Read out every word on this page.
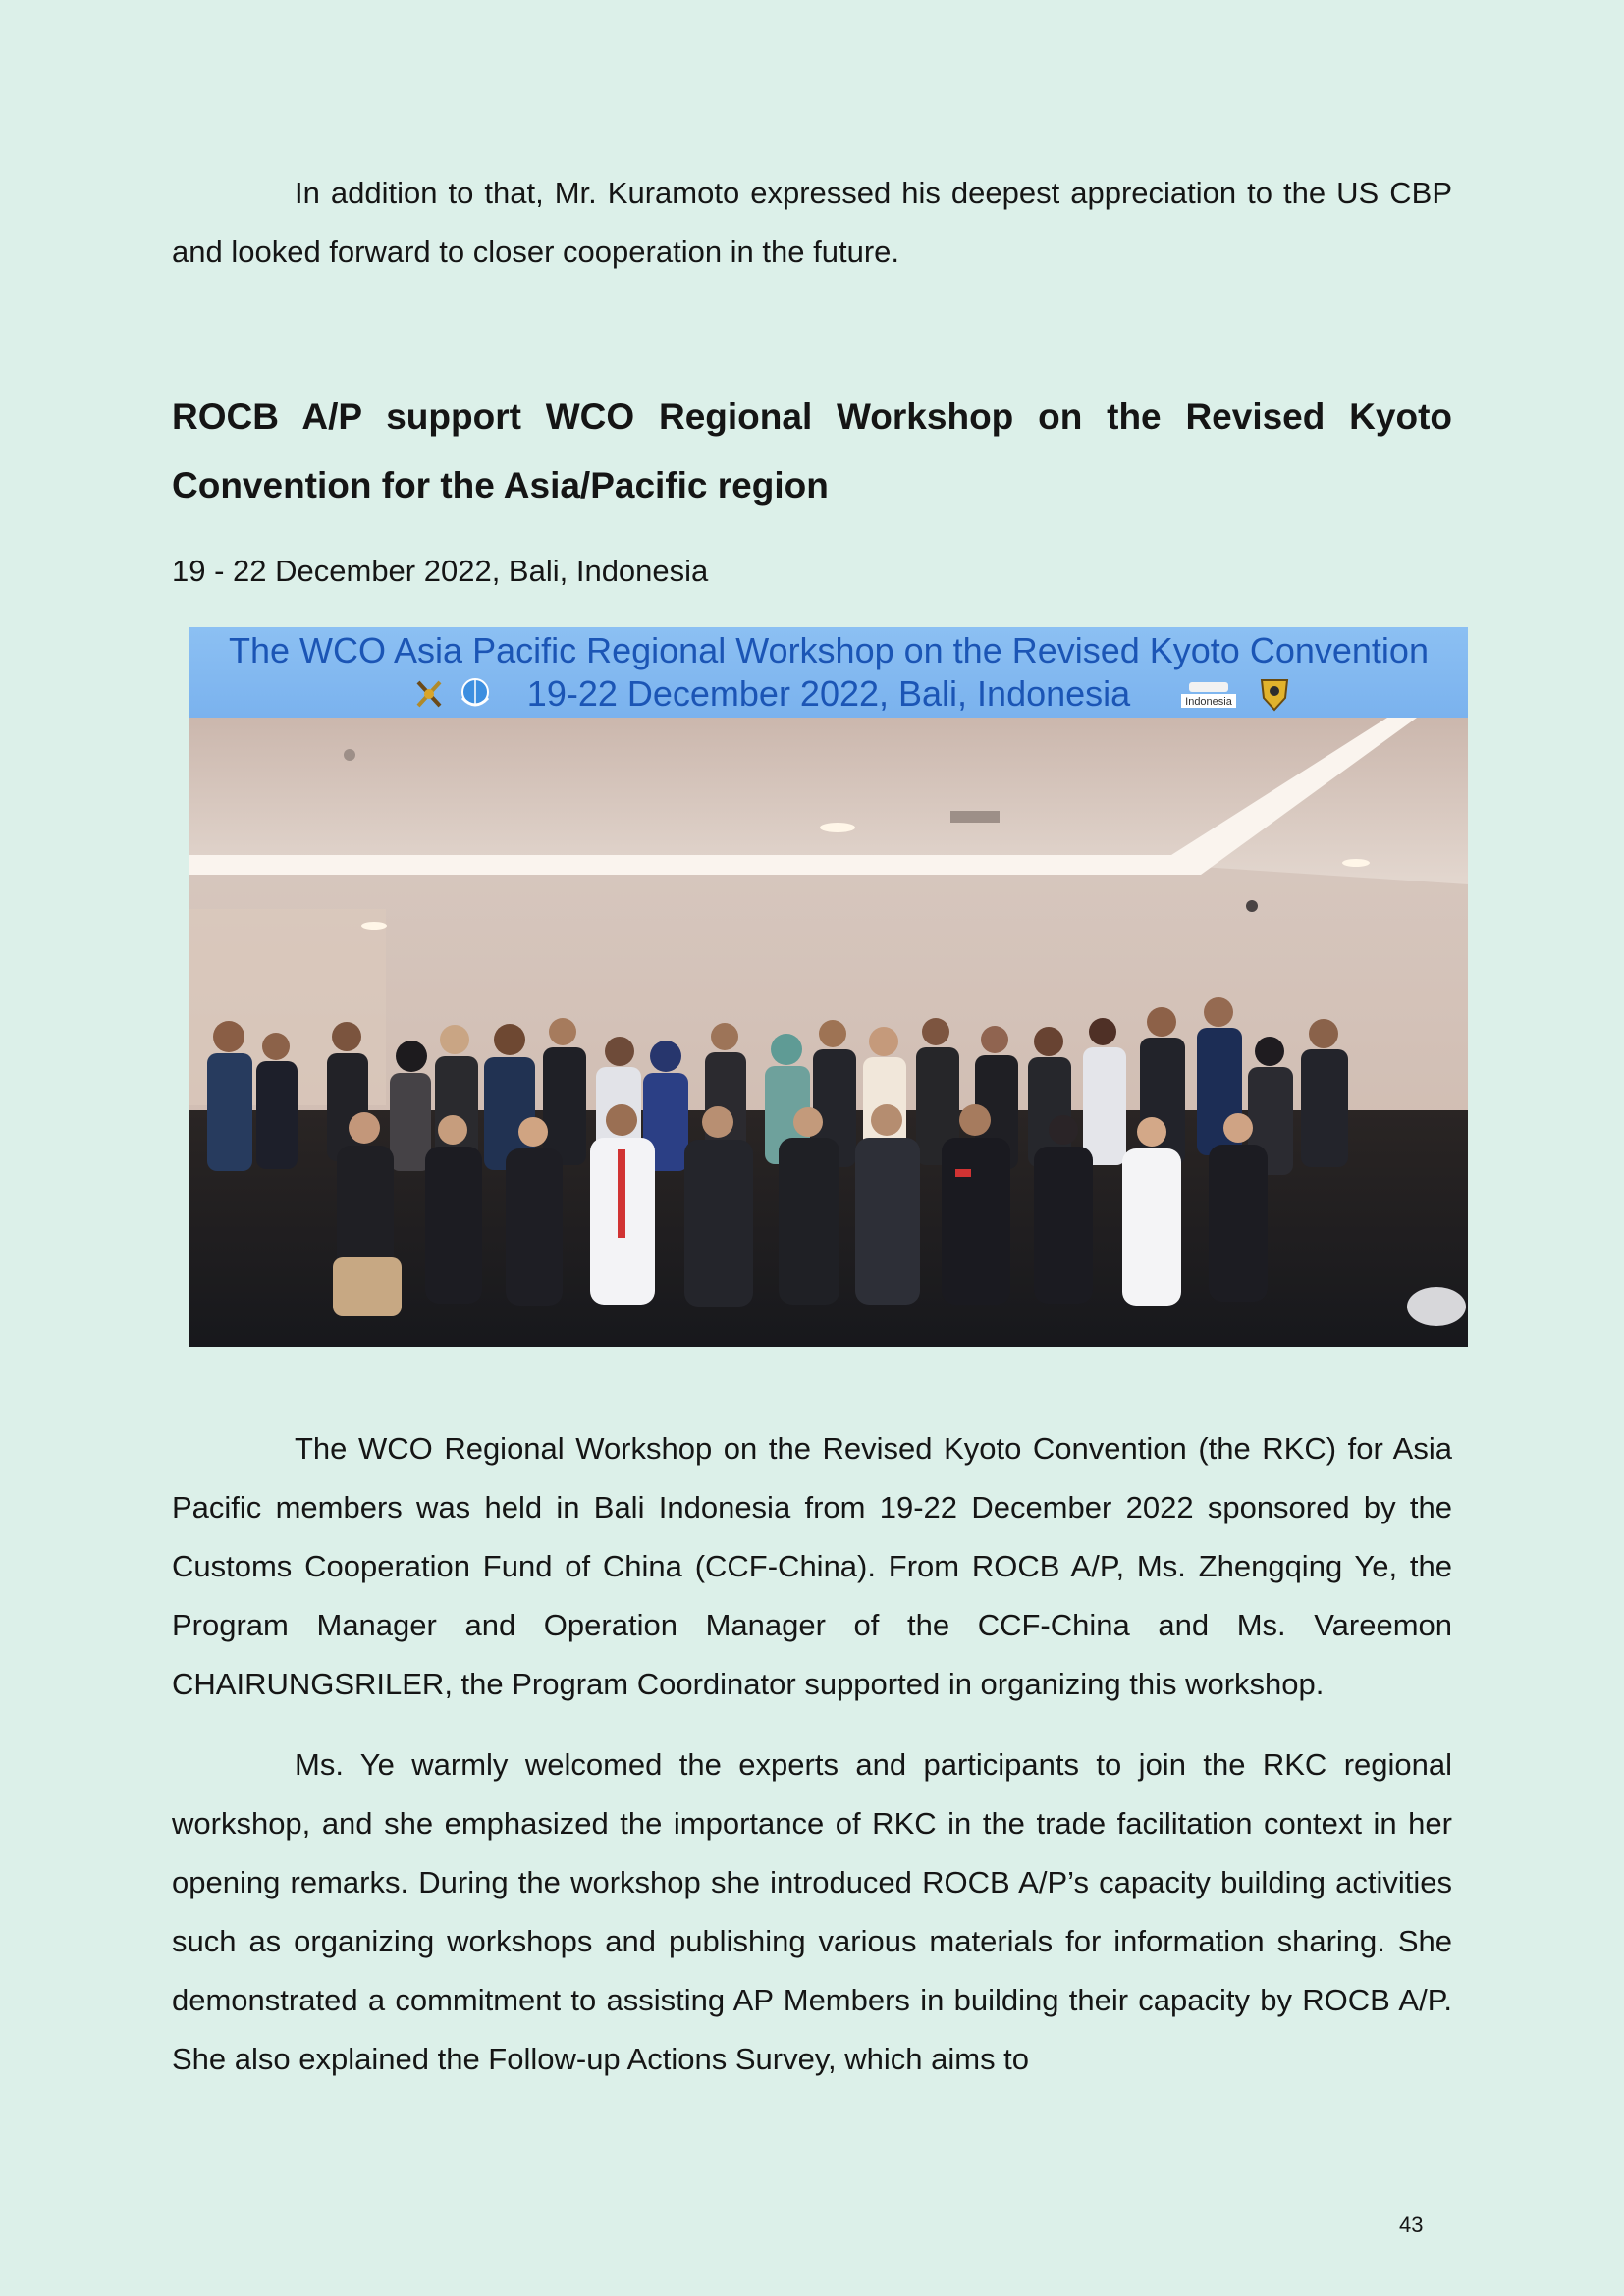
In addition to that, Mr. Kuramoto expressed his deepest appreciation to the US CBP and looked forward to closer cooperation in the future.

ROCB A/P support WCO Regional Workshop on the Revised Kyoto Convention for the Asia/Pacific region

19 - 22 December 2022, Bali, Indonesia

The WCO Asia Pacific Regional Workshop on the Revised Kyoto Convention
19-22 December 2022, Bali, Indonesia	Indonesia

The WCO Regional Workshop on the Revised Kyoto Convention (the RKC) for Asia Pacific members was held in Bali Indonesia from 19-22 December 2022 sponsored by the Customs Cooperation Fund of China (CCF-China). From ROCB A/P, Ms. Zhengqing Ye, the Program Manager and Operation Manager of the CCF-China and Ms. Vareemon CHAIRUNGSRILER, the Program Coordinator supported in organizing this workshop.

Ms. Ye warmly welcomed the experts and participants to join the RKC regional workshop, and she emphasized the importance of RKC in the trade facilitation context in her opening remarks. During the workshop she introduced ROCB A/P’s capacity building activities such as organizing workshops and publishing various materials for information sharing. She demonstrated a commitment to assisting AP Members in building their capacity by ROCB A/P. She also explained the Follow-up Actions Survey, which aims to

43
